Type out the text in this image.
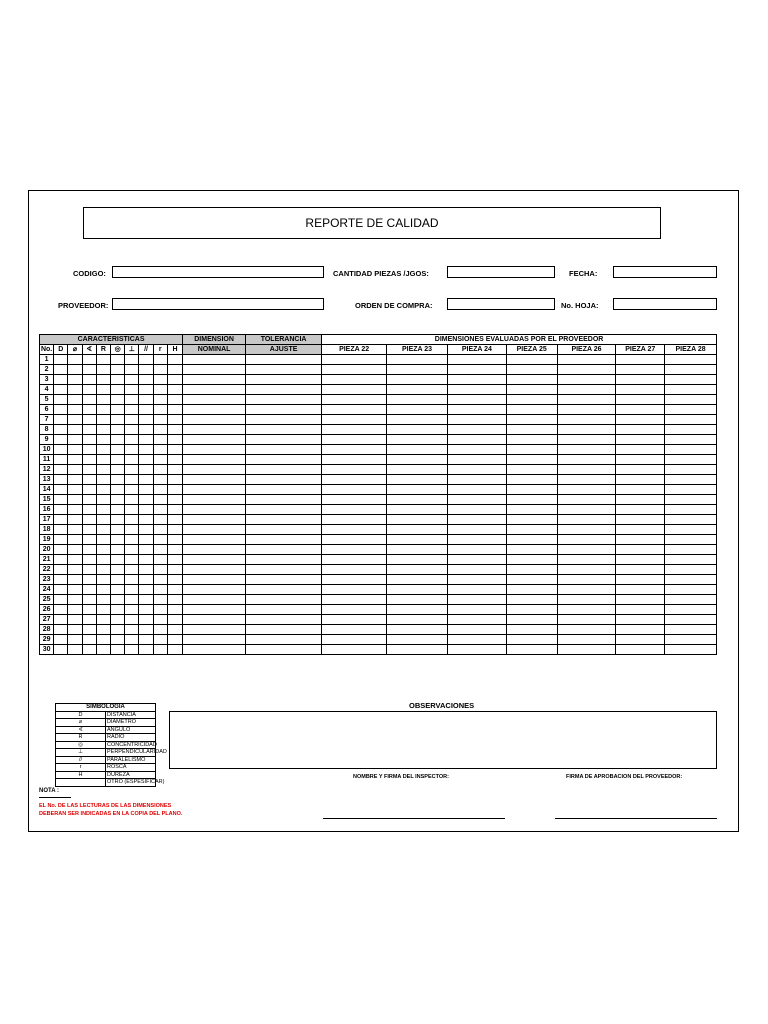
REPORTE DE CALIDAD
CODIGO:	CANTIDAD PIEZAS /JGOS:	FECHA:
PROVEEDOR:	ORDEN DE COMPRA:	No. HOJA:
CARACTERISTICAS										DIMENSION	TOLERANCIA	DIMENSIONES EVALUADAS POR EL PROVEEDOR						
No.	D	⌀	∢	R	◎	⊥	//	r	H	NOMINAL	AJUSTE	PIEZA 22	PIEZA 23	PIEZA 24	PIEZA 25	PIEZA 26	PIEZA 27	PIEZA 28
1																		
2																		
3																		
4																		
5																		
6																		
7																		
8																		
9																		
10																		
11																		
12																		
13																		
14																		
15																		
16																		
17																		
18																		
19																		
20																		
21																		
22																		
23																		
24																		
25																		
26																		
27																		
28																		
29																		
30																		
SIMBOLOGIA	
D	DISTANCIA
⌀	DIAMETRO
∢	ANGULO
R	RADIO
◎	CONCENTRICIDAD
⊥	PERPENDICULARIDAD
//	PARALELISMO
r	ROSCA
H	DUREZA
	OTRO (ESPESIFICAR)
OBSERVACIONES
NOMBRE Y FIRMA DEL INSPECTOR:	FIRMA DE APROBACION DEL PROVEEDOR:
NOTA :
EL No. DE LAS LECTURAS DE LAS DIMENSIONES
DEBERAN SER INDICADAS EN LA COPIA DEL PLANO.
